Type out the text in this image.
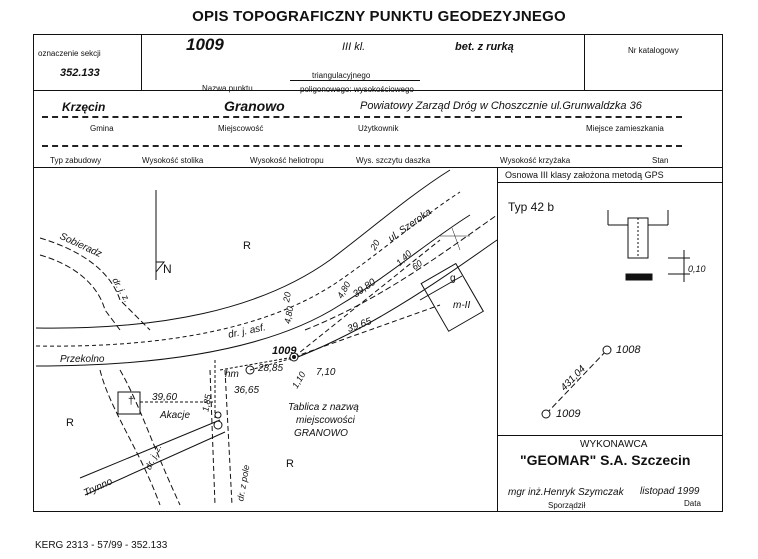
OPIS TOPOGRAFICZNY PUNKTU GEODEZYJNEGO
oznaczenie sekcji
352.133
1009	III kl.	bet. z rurką	Nr katalogowy
triangulacyjnego
poligonowego: wysokościowego
Nazwa punktu
Krzęcin	Granowo	Powiatowy Zarząd Dróg w Choszcznie ul.Grunwaldzka 36
Gmina	Miejscowość	Użytkownik	Miejsce zamieszkania
Typ zabudowy	Wysokość stolika	Wysokość heliotropu	Wys. szczytu daszka	Wysokość krzyżaka	Stan
N
R
R
R
Sobieradz
dr. j. z.
Przekolno
Trynno
dr. j. z.
dr. z pole
ul. Szeroka
dr. j. asf.
Akacje
hm
1009
g
m-II
†
Tablica z nazwą
miejscowości
GRANOWO
39,80
39,65
28,85
36,65
39,60
7,10
1,10
1,85
4,80
4,80
1,40
20
60
20
Osnowa III klasy założona metodą GPS
Typ 42 b
0,10
1008
1009
431,04
WYKONAWCA
"GEOMAR" S.A. Szczecin
mgr inż.Henryk Szymczak listopad 1999
Sporządził	Data
KERG 2313 - 57/99 - 352.133
